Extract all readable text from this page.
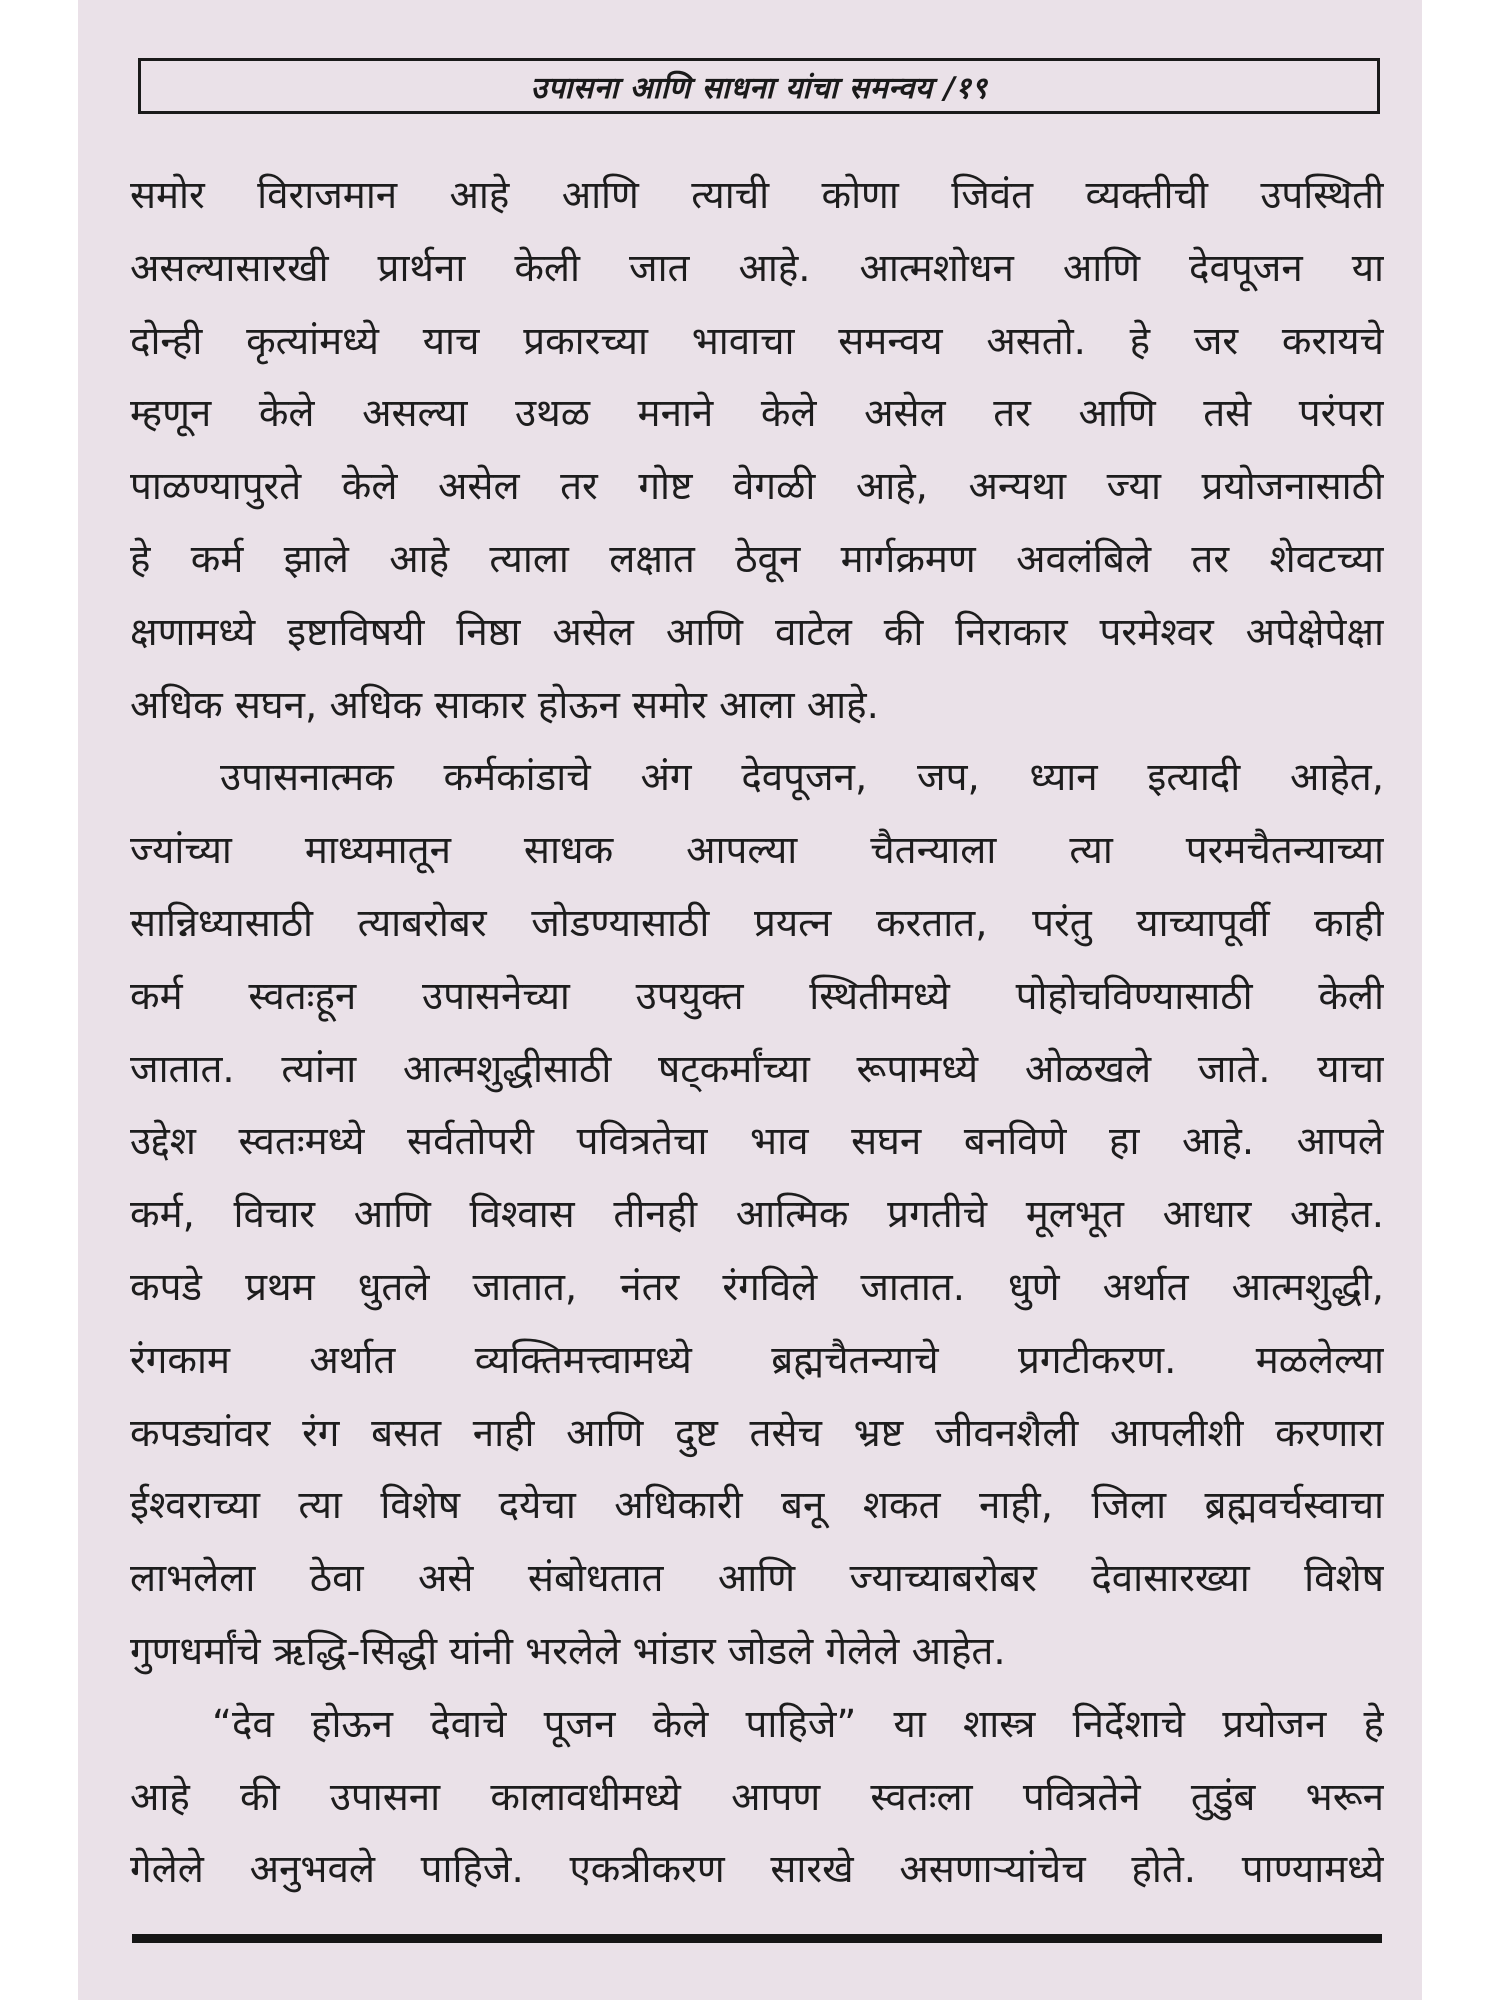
उपासना आणि साधना यांचा समन्वय /१९
समोर विराजमान आहे आणि त्याची कोणा जिवंत व्यक्तीची उपस्थिती
असल्यासारखी प्रार्थना केली जात आहे. आत्मशोधन आणि देवपूजन या
दोन्ही कृत्यांमध्ये याच प्रकारच्या भावाचा समन्वय असतो. हे जर करायचे
म्हणून केले असल्या उथळ मनाने केले असेल तर आणि तसे परंपरा
पाळण्यापुरते केले असेल तर गोष्ट वेगळी आहे, अन्यथा ज्या प्रयोजनासाठी
हे कर्म झाले आहे त्याला लक्षात ठेवून मार्गक्रमण अवलंबिले तर शेवटच्या
क्षणामध्ये इष्टाविषयी निष्ठा असेल आणि वाटेल की निराकार परमेश्वर अपेक्षेपेक्षा
अधिक सघन, अधिक साकार होऊन समोर आला आहे.
उपासनात्मक कर्मकांडाचे अंग देवपूजन, जप, ध्यान इत्यादी आहेत,
ज्यांच्या माध्यमातून साधक आपल्या चैतन्याला त्या परमचैतन्याच्या
सान्निध्यासाठी त्याबरोबर जोडण्यासाठी प्रयत्न करतात, परंतु याच्यापूर्वी काही
कर्म स्वतःहून उपासनेच्या उपयुक्त स्थितीमध्ये पोहोचविण्यासाठी केली
जातात. त्यांना आत्मशुद्धीसाठी षट्कर्मांच्या रूपामध्ये ओळखले जाते. याचा
उद्देश स्वतःमध्ये सर्वतोपरी पवित्रतेचा भाव सघन बनविणे हा आहे. आपले
कर्म, विचार आणि विश्वास तीनही आत्मिक प्रगतीचे मूलभूत आधार आहेत.
कपडे प्रथम धुतले जातात, नंतर रंगविले जातात. धुणे अर्थात आत्मशुद्धी,
रंगकाम अर्थात व्यक्तिमत्त्वामध्ये ब्रह्मचैतन्याचे प्रगटीकरण. मळलेल्या
कपड्यांवर रंग बसत नाही आणि दुष्ट तसेच भ्रष्ट जीवनशैली आपलीशी करणारा
ईश्वराच्या त्या विशेष दयेचा अधिकारी बनू शकत नाही, जिला ब्रह्मवर्चस्वाचा
लाभलेला ठेवा असे संबोधतात आणि ज्याच्याबरोबर देवासारख्या विशेष
गुणधर्मांचे ऋद्धि-सिद्धी यांनी भरलेले भांडार जोडले गेलेले आहेत.
“देव होऊन देवाचे पूजन केले पाहिजे” या शास्त्र निर्देशाचे प्रयोजन हे
आहे की उपासना कालावधीमध्ये आपण स्वतःला पवित्रतेने तुडुंब भरून
गेलेले अनुभवले पाहिजे. एकत्रीकरण सारखे असणाऱ्यांचेच होते. पाण्यामध्ये
